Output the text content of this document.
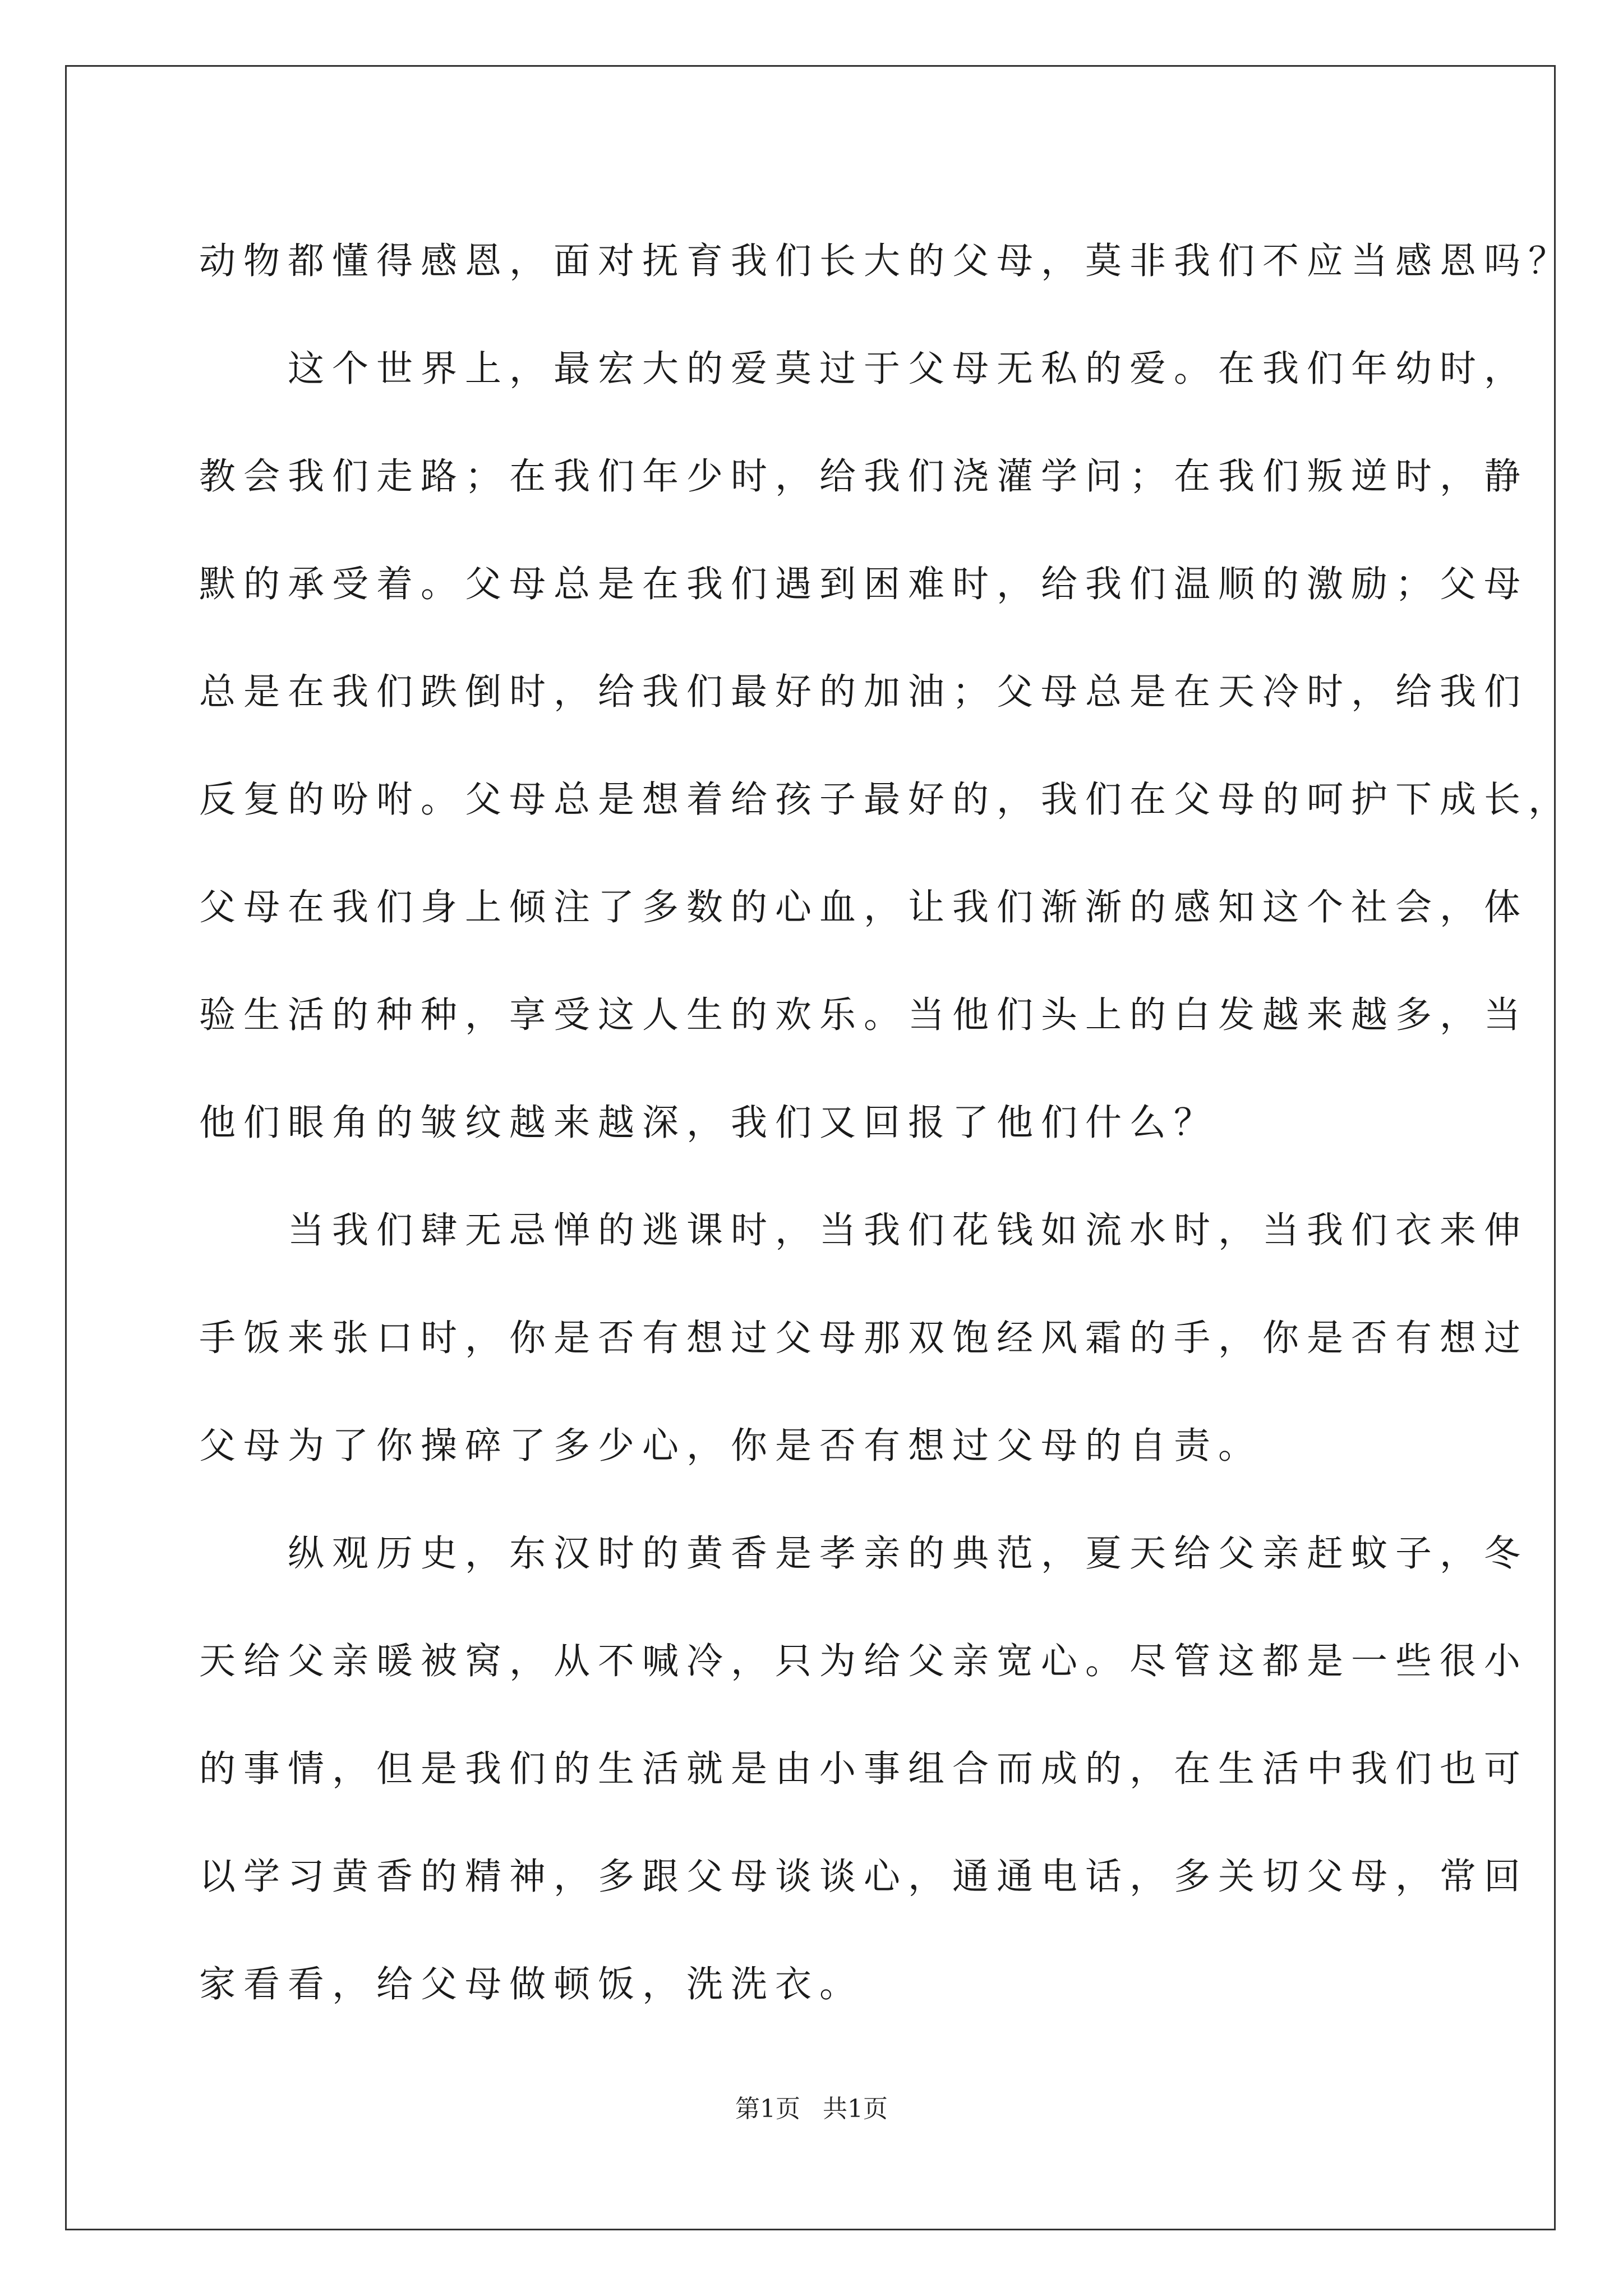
动物都懂得感恩，面对抚育我们长大的父母，莫非我们不应当感恩吗？
　　这个世界上，最宏大的爱莫过于父母无私的爱。在我们年幼时，
教会我们走路；在我们年少时，给我们浇灌学问；在我们叛逆时，静
默的承受着。父母总是在我们遇到困难时，给我们温顺的激励；父母
总是在我们跌倒时，给我们最好的加油；父母总是在天冷时，给我们
反复的吩咐。父母总是想着给孩子最好的，我们在父母的呵护下成长，
父母在我们身上倾注了多数的心血，让我们渐渐的感知这个社会，体
验生活的种种，享受这人生的欢乐。当他们头上的白发越来越多，当
他们眼角的皱纹越来越深，我们又回报了他们什么？
　　当我们肆无忌惮的逃课时，当我们花钱如流水时，当我们衣来伸
手饭来张口时，你是否有想过父母那双饱经风霜的手，你是否有想过
父母为了你操碎了多少心，你是否有想过父母的自责。
　　纵观历史，东汉时的黄香是孝亲的典范，夏天给父亲赶蚊子，冬
天给父亲暖被窝，从不喊冷，只为给父亲宽心。尽管这都是一些很小
的事情，但是我们的生活就是由小事组合而成的，在生活中我们也可
以学习黄香的精神，多跟父母谈谈心，通通电话，多关切父母，常回
家看看，给父母做顿饭，洗洗衣。
第1页 共1页
